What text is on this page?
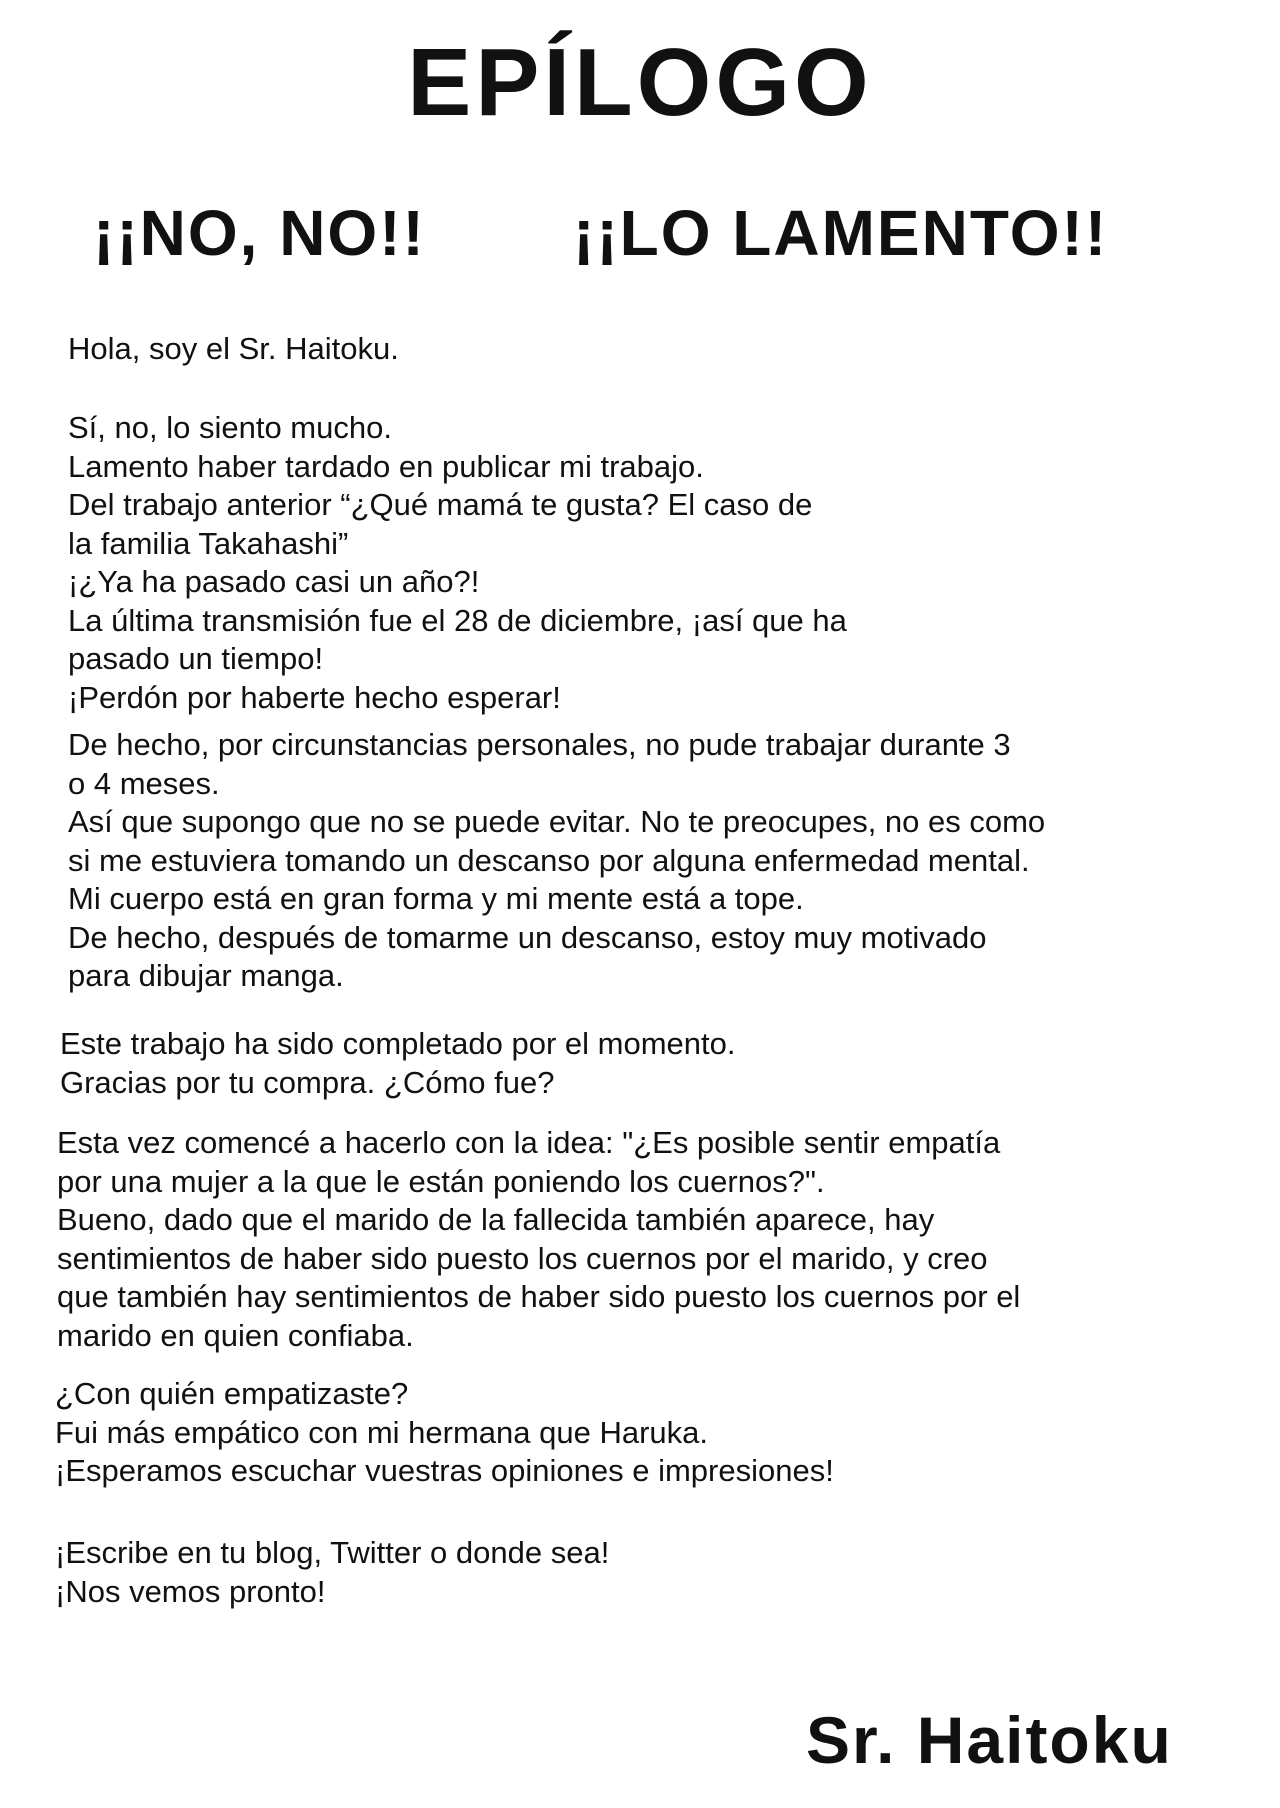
EPÍLOGO
¡¡NO, NO!! ¡¡LO LAMENTO!!
Hola, soy el Sr. Haitoku.
Sí, no, lo siento mucho.
Lamento haber tardado en publicar mi trabajo.
Del trabajo anterior “¿Qué mamá te gusta? El caso de
la familia Takahashi”
¡¿Ya ha pasado casi un año?!
La última transmisión fue el 28 de diciembre, ¡así que ha
pasado un tiempo!
¡Perdón por haberte hecho esperar!
De hecho, por circunstancias personales, no pude trabajar durante 3
o 4 meses.
Así que supongo que no se puede evitar. No te preocupes, no es como
si me estuviera tomando un descanso por alguna enfermedad mental.
Mi cuerpo está en gran forma y mi mente está a tope.
De hecho, después de tomarme un descanso, estoy muy motivado
para dibujar manga.
Este trabajo ha sido completado por el momento.
Gracias por tu compra. ¿Cómo fue?
Esta vez comencé a hacerlo con la idea: "¿Es posible sentir empatía
por una mujer a la que le están poniendo los cuernos?".
Bueno, dado que el marido de la fallecida también aparece, hay
sentimientos de haber sido puesto los cuernos por el marido, y creo
que también hay sentimientos de haber sido puesto los cuernos por el
marido en quien confiaba.
¿Con quién empatizaste?
Fui más empático con mi hermana que Haruka.
¡Esperamos escuchar vuestras opiniones e impresiones!
¡Escribe en tu blog, Twitter o donde sea!
¡Nos vemos pronto!
Sr. Haitoku
